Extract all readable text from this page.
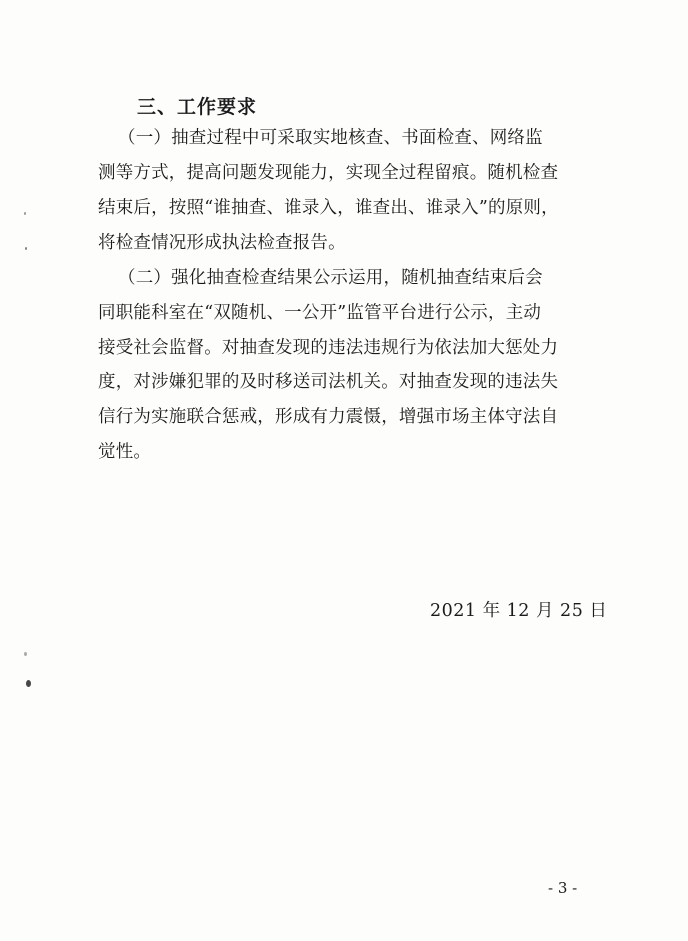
三、工作要求
（一）抽查过程中可采取实地核查、书面检查、网络监
测等方式，提高问题发现能力，实现全过程留痕。随机检查
结束后，按照“谁抽查、谁录入，谁查出、谁录入”的原则，
将检查情况形成执法检查报告。
（二）强化抽查检查结果公示运用，随机抽查结束后会
同职能科室在“双随机、一公开”监管平台进行公示，主动
接受社会监督。对抽查发现的违法违规行为依法加大惩处力
度，对涉嫌犯罪的及时移送司法机关。对抽查发现的违法失
信行为实施联合惩戒，形成有力震慑，增强市场主体守法自
觉性。
2021 年 12 月 25 日
- 3 -
